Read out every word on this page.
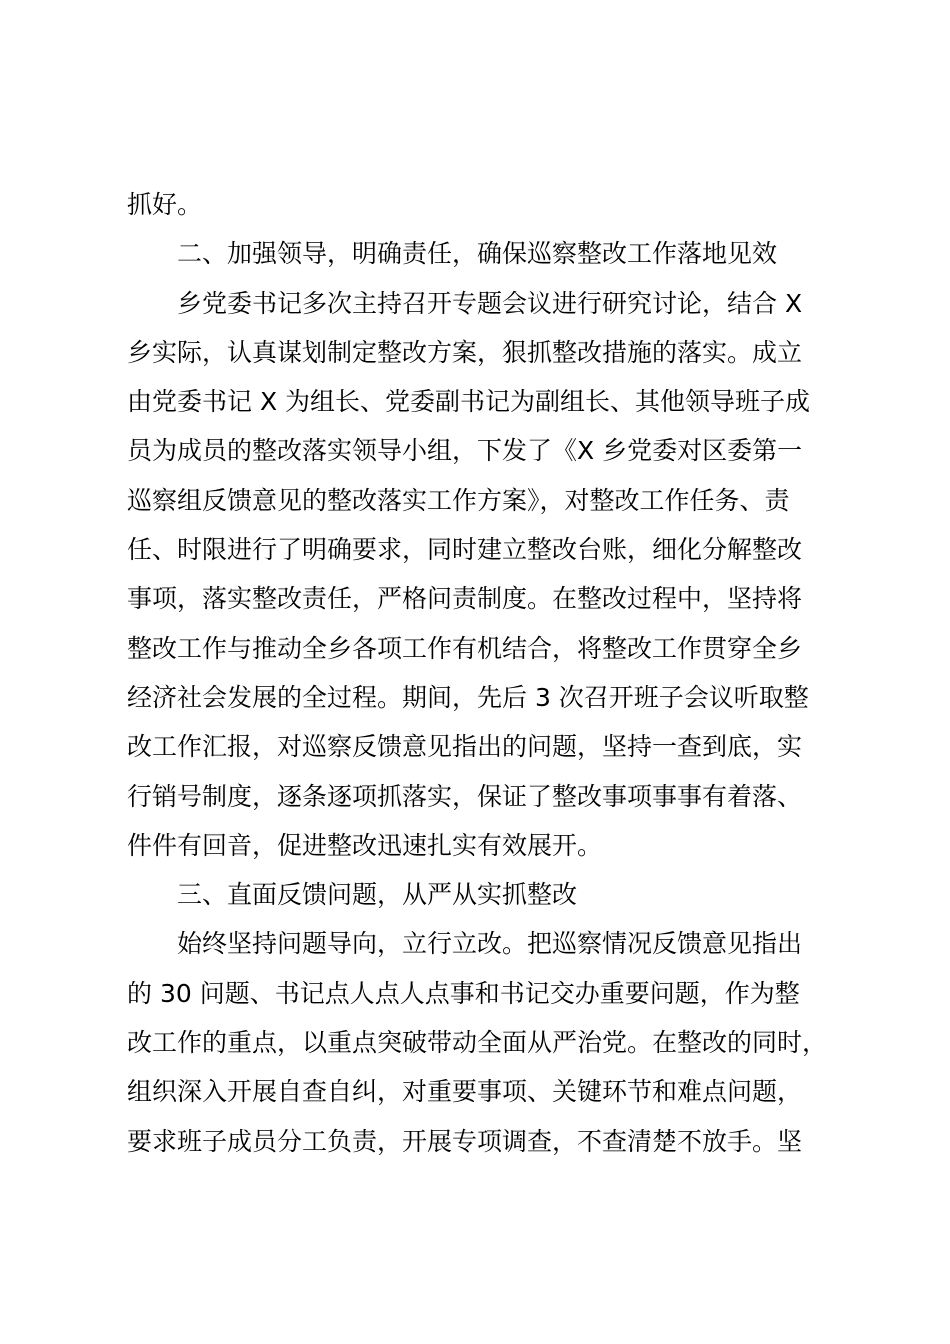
抓好。
二、加强领导，明确责任，确保巡察整改工作落地见效
乡党委书记多次主持召开专题会议进行研究讨论，结合 X
乡实际，认真谋划制定整改方案，狠抓整改措施的落实。成立
由党委书记 X 为组长、党委副书记为副组长、其他领导班子成
员为成员的整改落实领导小组，下发了《X 乡党委对区委第一
巡察组反馈意见的整改落实工作方案》，对整改工作任务、责
任、时限进行了明确要求，同时建立整改台账，细化分解整改
事项，落实整改责任，严格问责制度。在整改过程中，坚持将
整改工作与推动全乡各项工作有机结合，将整改工作贯穿全乡
经济社会发展的全过程。期间，先后 3 次召开班子会议听取整
改工作汇报，对巡察反馈意见指出的问题，坚持一查到底，实
行销号制度，逐条逐项抓落实，保证了整改事项事事有着落、
件件有回音，促进整改迅速扎实有效展开。
三、直面反馈问题，从严从实抓整改
始终坚持问题导向，立行立改。把巡察情况反馈意见指出
的 30 问题、书记点人点人点事和书记交办重要问题，作为整
改工作的重点，以重点突破带动全面从严治党。在整改的同时，
组织深入开展自查自纠，对重要事项、关键环节和难点问题，
要求班子成员分工负责，开展专项调查，不查清楚不放手。坚
